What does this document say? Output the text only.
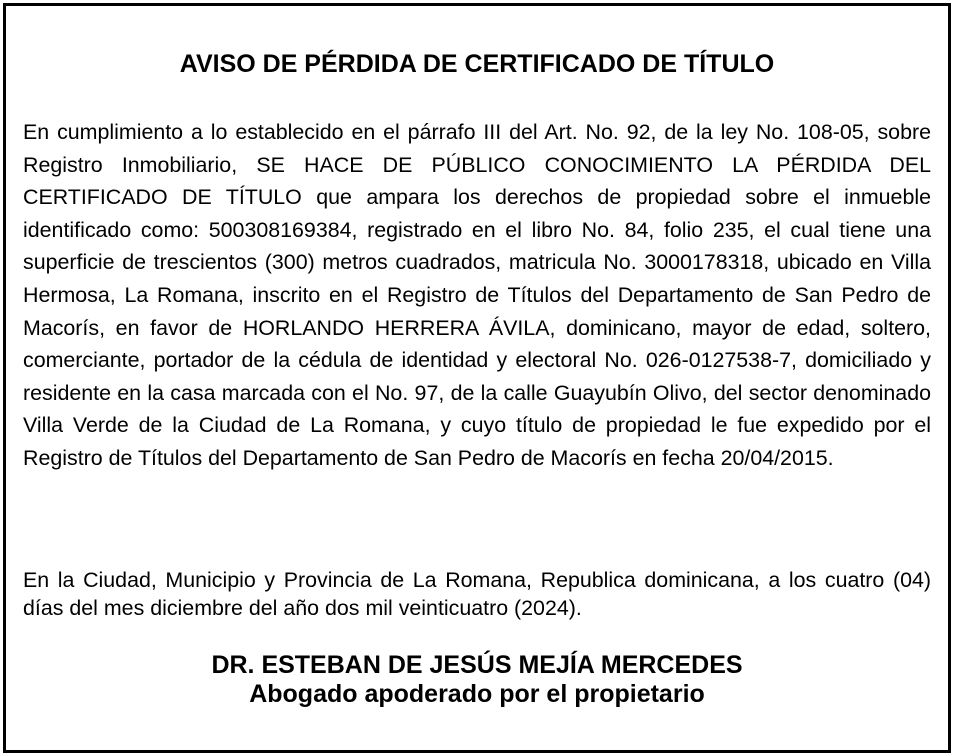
AVISO DE PÉRDIDA DE CERTIFICADO DE TÍTULO

En cumplimiento a lo establecido en el párrafo III del Art. No. 92, de la ley No. 108-05, sobre Registro Inmobiliario, SE HACE DE PÚBLICO CONOCIMIENTO LA PÉRDIDA DEL CERTIFICADO DE TÍTULO que ampara los derechos de propiedad sobre el inmueble identificado como: 500308169384, registrado en el libro No. 84, folio 235, el cual tiene una superficie de trescientos (300) metros cuadrados, matricula No. 3000178318, ubicado en Villa Hermosa, La Romana, inscrito en el Registro de Títulos del Departamento de San Pedro de Macorís, en favor de HORLANDO HERRERA ÁVILA, dominicano, mayor de edad, soltero, comerciante, portador de la cédula de identidad y electoral No. 026-0127538-7, domiciliado y residente en la casa marcada con el No. 97, de la calle Guayubín Olivo, del sector denominado Villa Verde de la Ciudad de La Romana, y cuyo título de propiedad le fue expedido por el Registro de Títulos del Departamento de San Pedro de Macorís en fecha 20/04/2015.

En la Ciudad, Municipio y Provincia de La Romana, Republica dominicana, a los cuatro (04) días del mes diciembre del año dos mil veinticuatro (2024).

DR. ESTEBAN DE JESÚS MEJÍA MERCEDES
Abogado apoderado por el propietario
